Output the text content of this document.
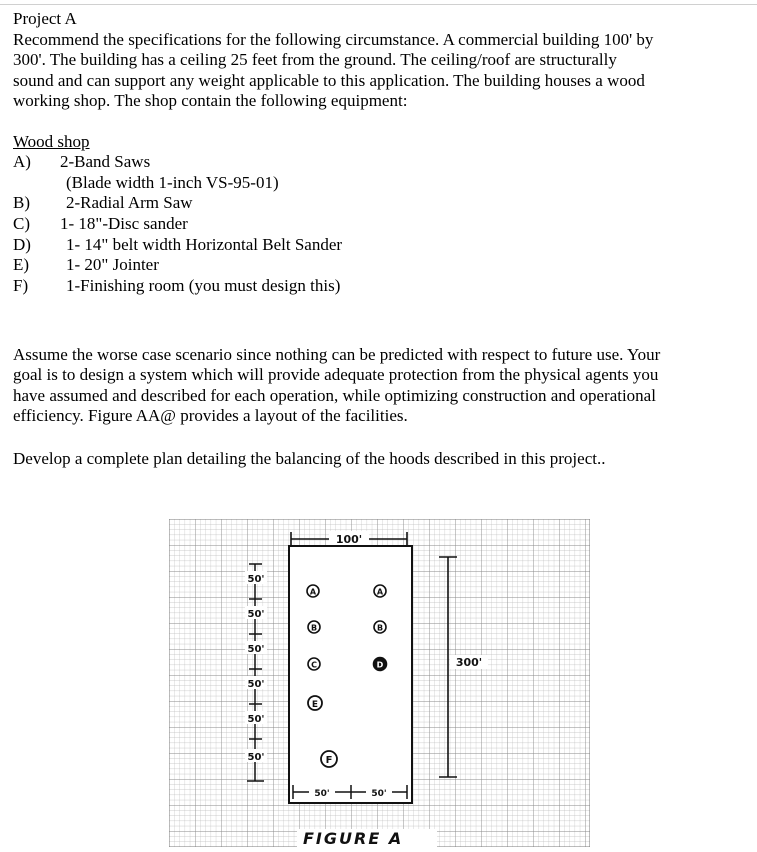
Project A

Recommend the specifications for the following circumstance. A commercial building 100' by

300'. The building has a ceiling 25 feet from the ground. The ceiling/roof are structurally

sound and can support any weight applicable to this application. The building houses a wood

working shop. The shop contain the following equipment:

Wood shop

A) 2-Band Saws
(Blade width 1-inch VS-95-01)
B) 2-Radial Arm Saw
C) 1- 18"-Disc sander
D) 1- 14" belt width Horizontal Belt Sander
E) 1- 20" Jointer
F) 1-Finishing room (you must design this)

Assume the worse case scenario since nothing can be predicted with respect to future use. Your

goal is to design a system which will provide adequate protection from the physical agents you

have assumed and described for each operation, while optimizing construction and operational

efficiency. Figure AA@ provides a layout of the facilities.

Develop a complete plan detailing the balancing of the hoods described in this project..

100'
300'
50'
50'
50'
50'
50'
50'
50'	50'
A	A
B	B
C	D
E
F
FIGURE A
